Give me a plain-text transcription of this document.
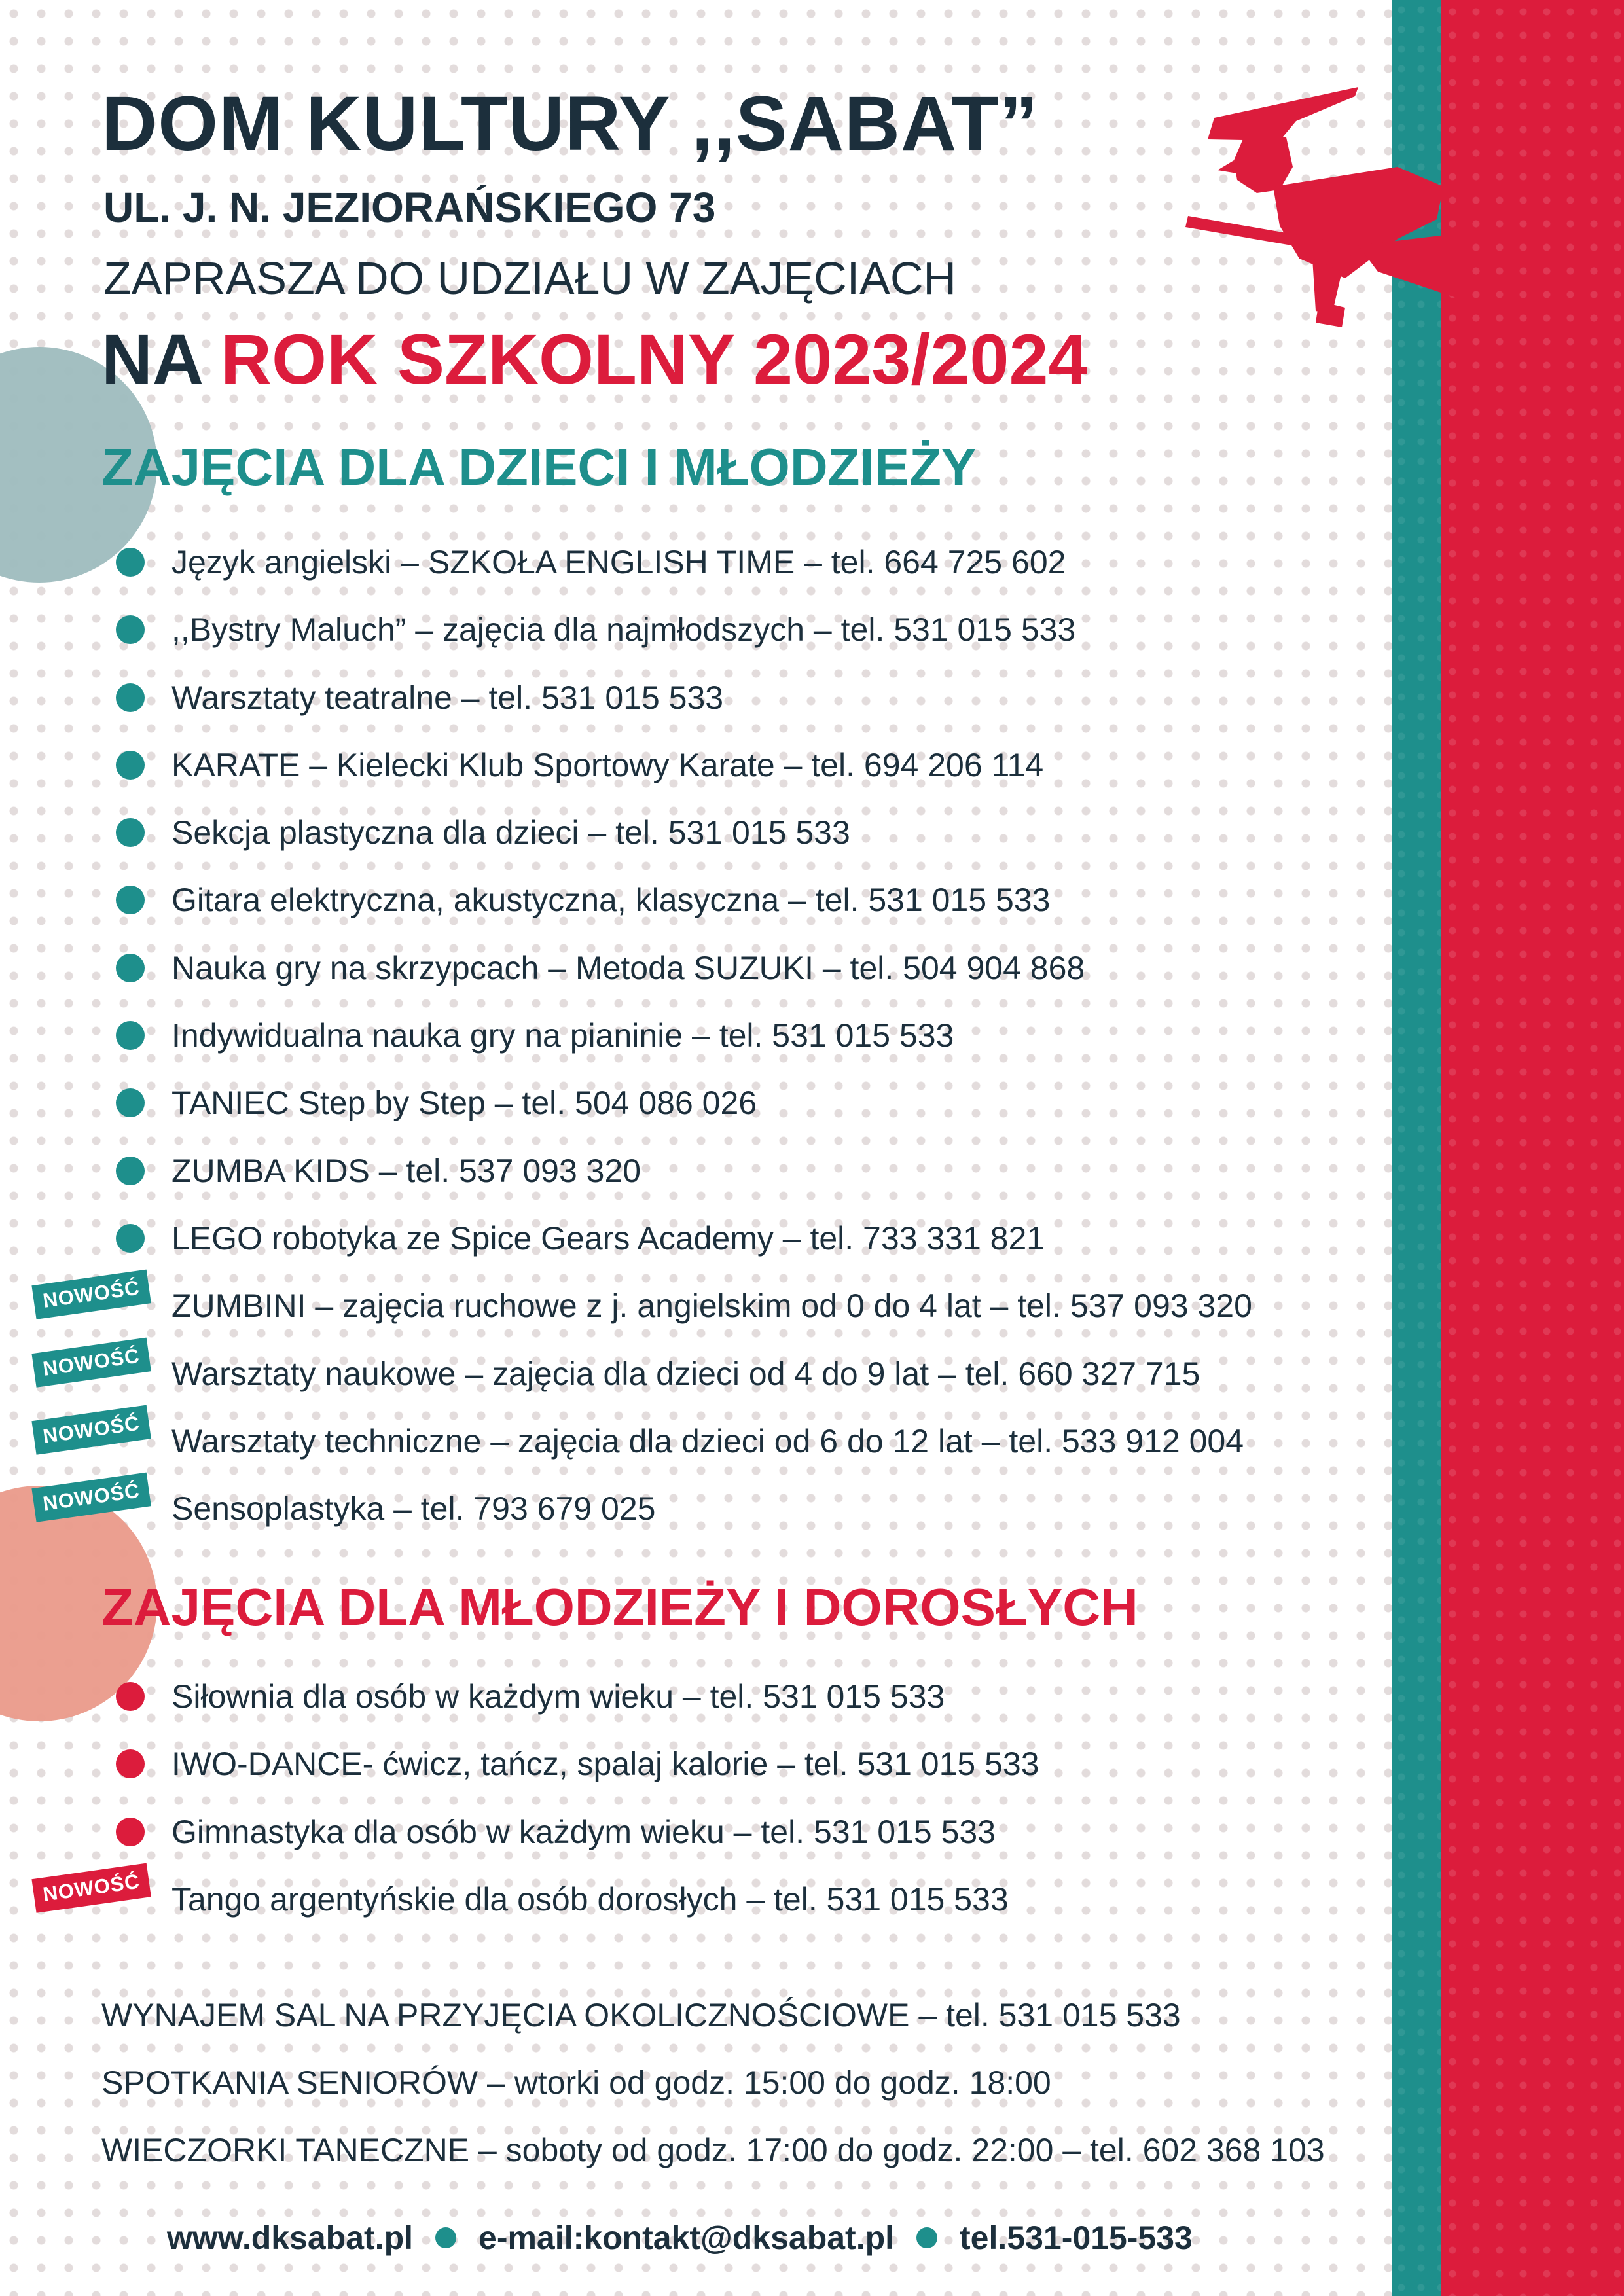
DOM KULTURY ,,SABAT”
UL. J. N. JEZIORAŃSKIEGO 73
ZAPRASZA DO UDZIAŁU W ZAJĘCIACH
NA ROK SZKOLNY 2023/2024
ZAJĘCIA DLA DZIECI I MŁODZIEŻY
Język angielski – SZKOŁA ENGLISH TIME – tel. 664 725 602
,,Bystry Maluch” – zajęcia dla najmłodszych – tel. 531 015 533
Warsztaty teatralne – tel. 531 015 533
KARATE – Kielecki Klub Sportowy Karate – tel. 694 206 114
Sekcja plastyczna dla dzieci – tel. 531 015 533
Gitara elektryczna, akustyczna, klasyczna – tel. 531 015 533
Nauka gry na skrzypcach – Metoda SUZUKI – tel. 504 904 868
Indywidualna nauka gry na pianinie – tel. 531 015 533
TANIEC Step by Step – tel. 504 086 026
ZUMBA KIDS – tel. 537 093 320
LEGO robotyka ze Spice Gears Academy – tel. 733 331 821
NOWOŚĆ ZUMBINI – zajęcia ruchowe z j. angielskim od 0 do 4 lat – tel. 537 093 320
NOWOŚĆ Warsztaty naukowe – zajęcia dla dzieci od 4 do 9 lat – tel. 660 327 715
NOWOŚĆ Warsztaty techniczne – zajęcia dla dzieci od 6 do 12 lat – tel. 533 912 004
NOWOŚĆ Sensoplastyka – tel. 793 679 025
ZAJĘCIA DLA MŁODZIEŻY I DOROSŁYCH
Siłownia dla osób w każdym wieku – tel. 531 015 533
IWO-DANCE- ćwicz, tańcz, spalaj kalorie – tel. 531 015 533
Gimnastyka dla osób w każdym wieku – tel. 531 015 533
NOWOŚĆ Tango argentyńskie dla osób dorosłych – tel. 531 015 533
WYNAJEM SAL NA PRZYJĘCIA OKOLICZNOŚCIOWE – tel. 531 015 533
SPOTKANIA SENIORÓW – wtorki od godz. 15:00 do godz. 18:00
WIECZORKI TANECZNE – soboty od godz. 17:00 do godz. 22:00 – tel. 602 368 103
www.dksabat.pl e-mail:kontakt@dksabat.pl tel.531-015-533
